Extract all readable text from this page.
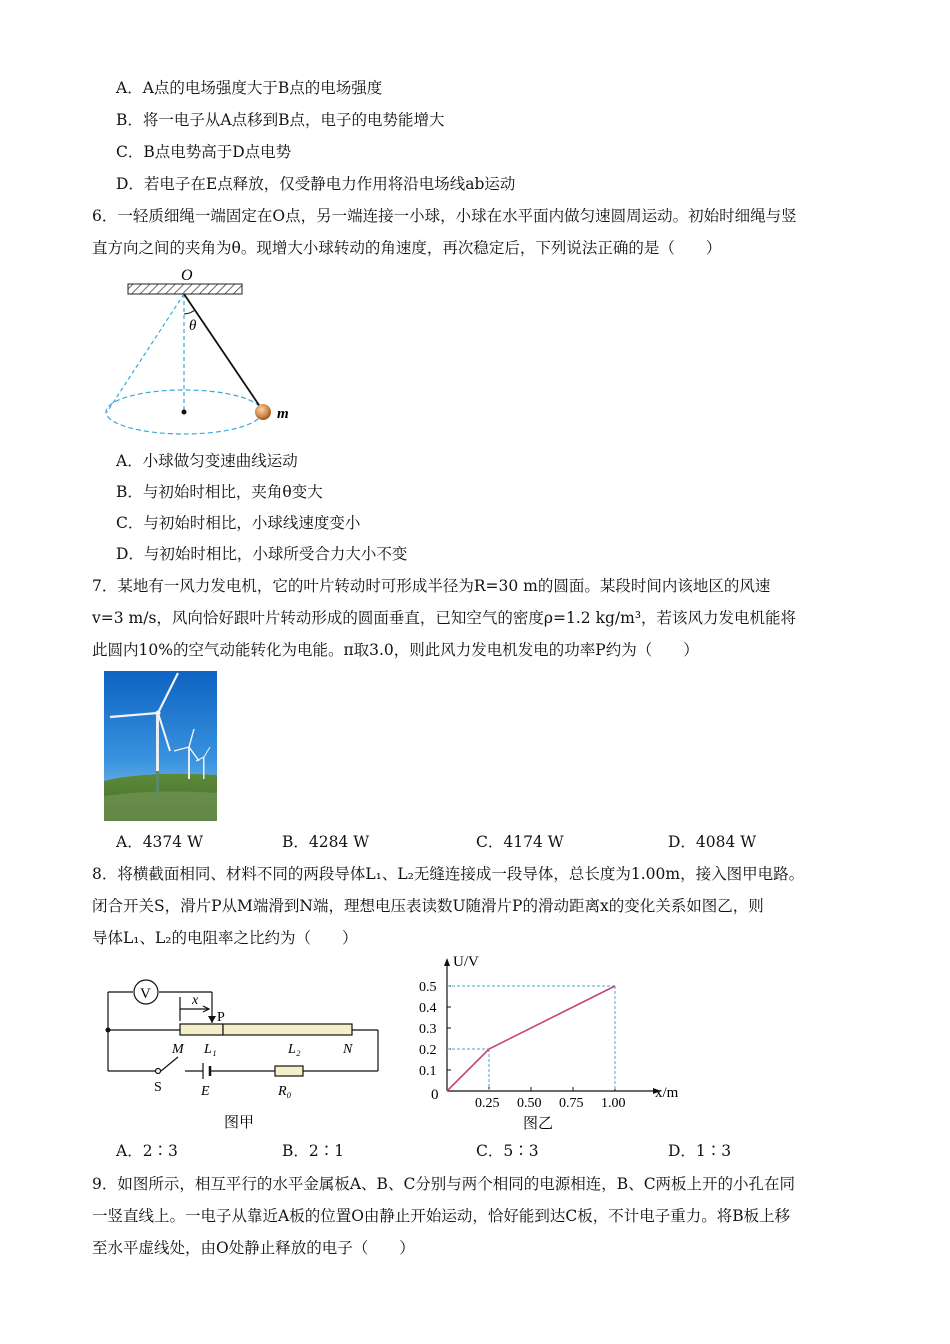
A．A点的电场强度大于B点的电场强度
B．将一电子从A点移到B点，电子的电势能增大
C．B点电势高于D点电势
D．若电子在E点释放，仅受静电力作用将沿电场线ab运动
6．一轻质细绳一端固定在O点，另一端连接一小球，小球在水平面内做匀速圆周运动。初始时细绳与竖
直方向之间的夹角为θ。现增大小球转动的角速度，再次稳定后，下列说法正确的是（　　）
O
θ
m
A．小球做匀变速曲线运动
B．与初始时相比，夹角θ变大
C．与初始时相比，小球线速度变小
D．与初始时相比，小球所受合力大小不变
7．某地有一风力发电机，它的叶片转动时可形成半径为R=30 m的圆面。某段时间内该地区的风速
v=3 m/s，风向恰好跟叶片转动形成的圆面垂直，已知空气的密度ρ=1.2 kg/m³，若该风力发电机能将
此圆内10%的空气动能转化为电能。π取3.0，则此风力发电机发电的功率P约为（　　）
A．4374 W	B．4284 W	C．4174 W	D．4084 W
8．将横截面相同、材料不同的两段导体L₁、L₂无缝连接成一段导体，总长度为1.00m，接入图甲电路。
闭合开关S，滑片P从M端滑到N端，理想电压表读数U随滑片P的滑动距离x的变化关系如图乙，则
导体L₁、L₂的电阻率之比约为（　　）
V	x
P
M L₁	L₂	N
S	E	R₀
图甲
0.25 0.50 0.75 1.00
0.1
0.2
0.3
0.4
0.5
U/V
x/m
0
图乙
A．2∶3	B．2∶1	C．5∶3	D．1∶3
9．如图所示，相互平行的水平金属板A、B、C分别与两个相同的电源相连，B、C两板上开的小孔在同
一竖直线上。一电子从靠近A板的位置O由静止开始运动，恰好能到达C板，不计电子重力。将B板上移
至水平虚线处，由O处静止释放的电子（　　）
